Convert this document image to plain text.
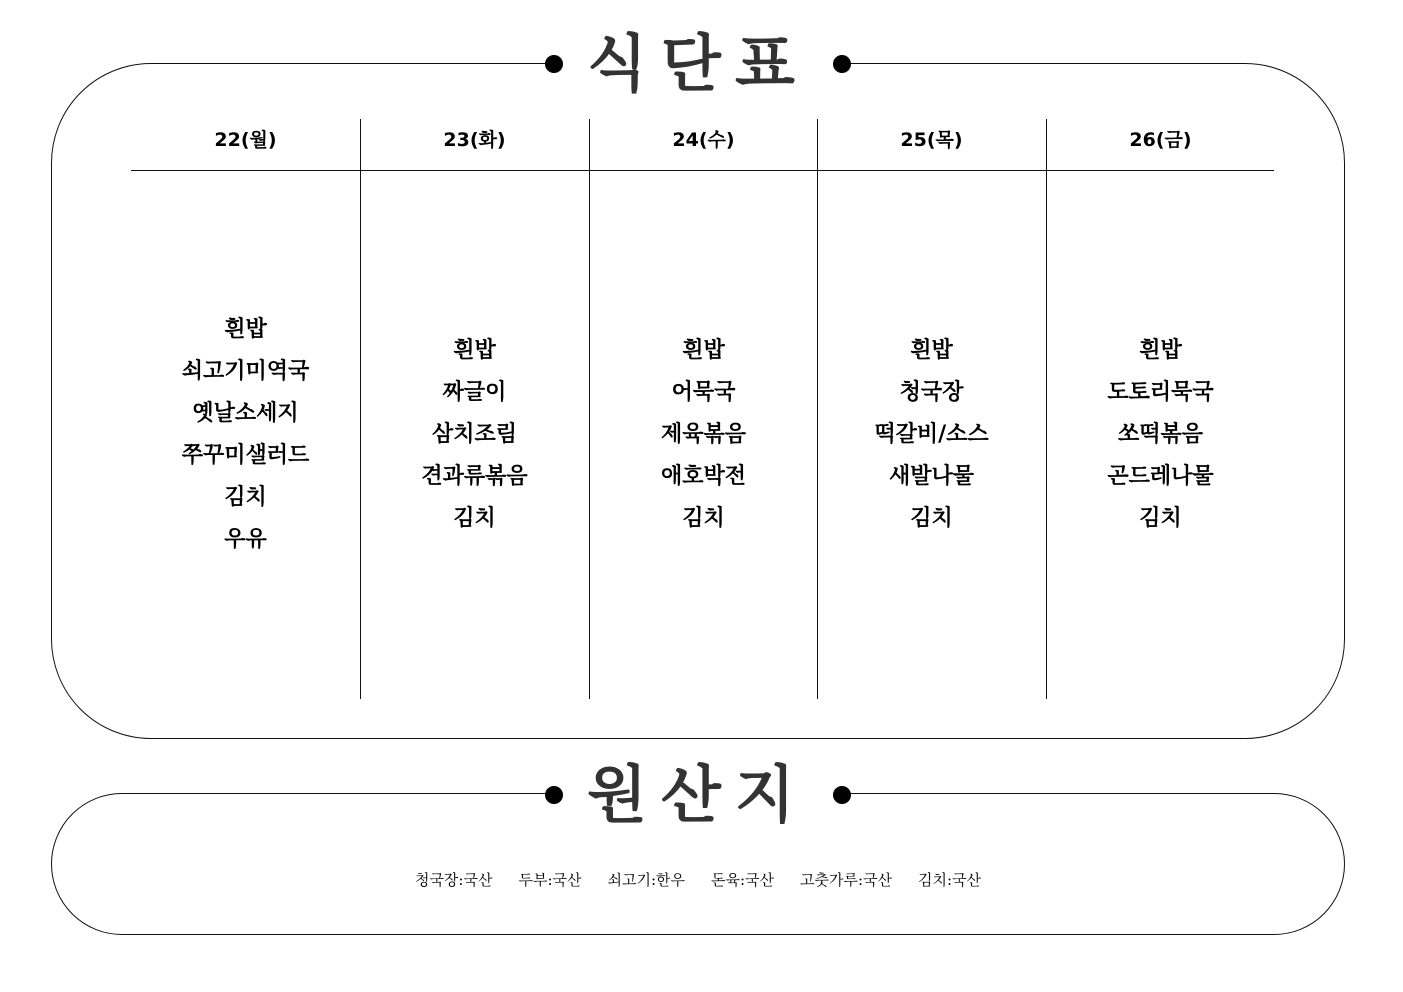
식단표
22(월)
흰밥
쇠고기미역국
옛날소세지
쭈꾸미샐러드
김치
우유
23(화)
흰밥
짜글이
삼치조림
견과류볶음
김치
24(수)
흰밥
어묵국
제육볶음
애호박전
김치
25(목)
흰밥
청국장
떡갈비/소스
새발나물
김치
26(금)
흰밥
도토리묵국
쏘떡볶음
곤드레나물
김치
원산지
청국장:국산 두부:국산 쇠고기:한우 돈육:국산 고춧가루:국산 김치:국산
